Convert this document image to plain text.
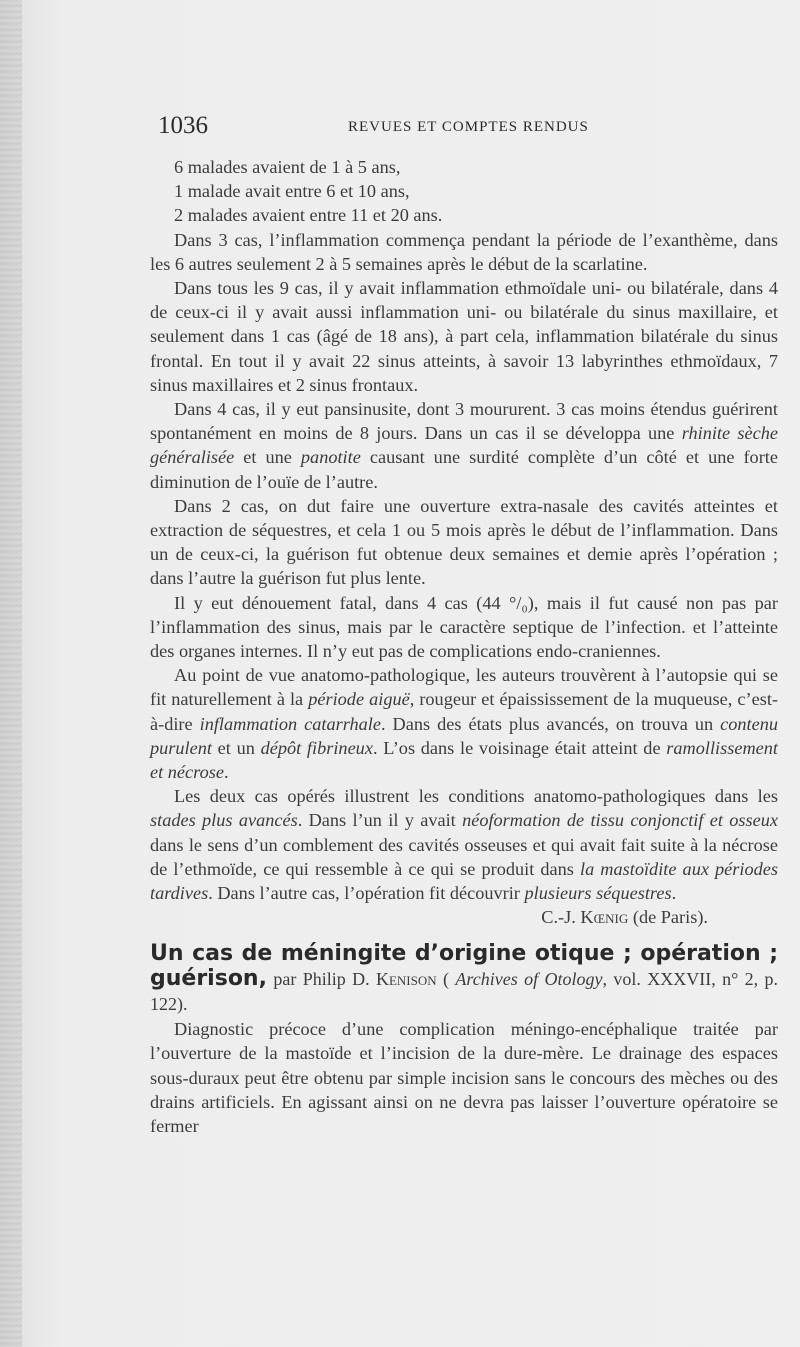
1036	REVUES ET COMPTES RENDUS

6 malades avaient de 1 à 5 ans,

1 malade avait entre 6 et 10 ans,

2 malades avaient entre 11 et 20 ans.

Dans 3 cas, l’inflammation commença pendant la période de l’exanthème, dans les 6 autres seulement 2 à 5 semaines après le début de la scarlatine.

Dans tous les 9 cas, il y avait inflammation ethmoïdale uni- ou bilatérale, dans 4 de ceux-ci il y avait aussi inflammation uni- ou bilatérale du sinus maxillaire, et seulement dans 1 cas (âgé de 18 ans), à part cela, inflammation bilatérale du sinus frontal. En tout il y avait 22 sinus atteints, à savoir 13 labyrinthes ethmoïdaux, 7 sinus maxillaires et 2 sinus frontaux.

Dans 4 cas, il y eut pansinusite, dont 3 moururent. 3 cas moins étendus guérirent spontanément en moins de 8 jours. Dans un cas il se développa une rhinite sèche généralisée et une panotite causant une surdité complète d’un côté et une forte diminution de l’ouïe de l’autre.

Dans 2 cas, on dut faire une ouverture extra-nasale des cavités atteintes et extraction de séquestres, et cela 1 ou 5 mois après le début de l’inflammation. Dans un de ceux-ci, la guérison fut obtenue deux semaines et demie après l’opération ; dans l’autre la guérison fut plus lente.

Il y eut dénouement fatal, dans 4 cas (44 °/₀), mais il fut causé non pas par l’inflammation des sinus, mais par le caractère septique de l’infection. et l’atteinte des organes internes. Il n’y eut pas de complications endo-craniennes.

Au point de vue anatomo-pathologique, les auteurs trouvèrent à l’autopsie qui se fit naturellement à la période aiguë, rougeur et épaississement de la muqueuse, c’est-à-dire inflammation catarrhale. Dans des états plus avancés, on trouva un contenu purulent et un dépôt fibrineux. L’os dans le voisinage était atteint de ramollissement et nécrose.

Les deux cas opérés illustrent les conditions anatomo-pathologiques dans les stades plus avancés. Dans l’un il y avait néoformation de tissu conjonctif et osseux dans le sens d’un comblement des cavités osseuses et qui avait fait suite à la nécrose de l’ethmoïde, ce qui ressemble à ce qui se produit dans la mastoïdite aux périodes tardives. Dans l’autre cas, l’opération fit découvrir plusieurs séquestres.

C.-J. Kœnig (de Paris).

Un cas de méningite d’origine otique ; opération ; guérison, par Philip D. Kenison ( Archives of Otology, vol. XXXVII, n° 2, p. 122).

Diagnostic précoce d’une complication méningo-encéphalique traitée par l’ouverture de la mastoïde et l’incision de la dure-mère. Le drainage des espaces sous-duraux peut être obtenu par simple incision sans le concours des mèches ou des drains artificiels. En agissant ainsi on ne devra pas laisser l’ouverture opératoire se fermer
